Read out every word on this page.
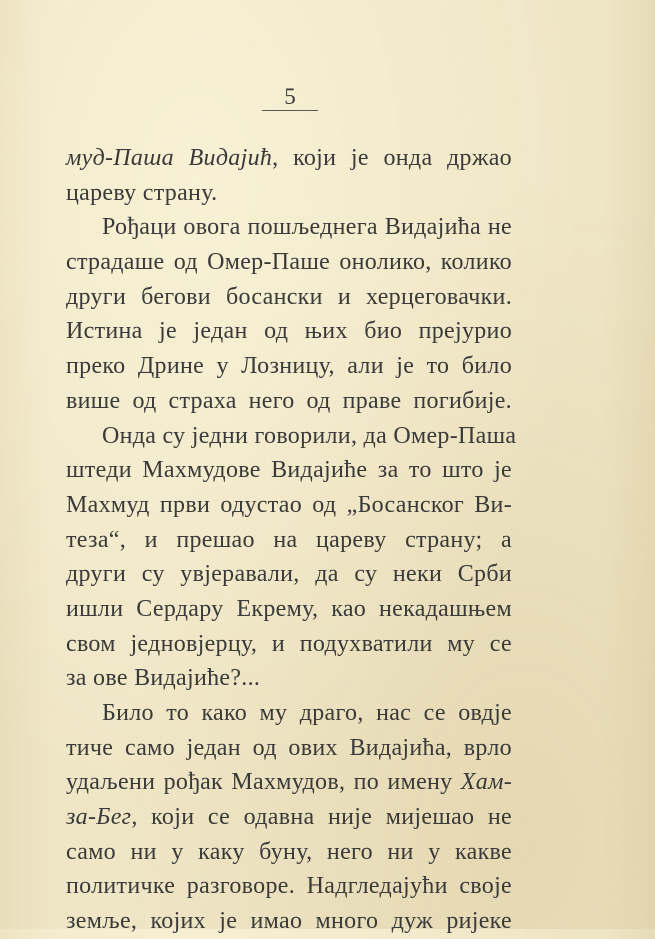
5
мyд-Паша Видајић, који је онда држао
цареву страну.
Рођаци овога пошљеднега Видајића не
страдаше од Омер-Паше онолико, колико
други бегови босански и херцеговачки.
Истина је један од њих био прејурио
преко Дрине у Лозницу, али је то било
више од страха него од праве погибије.
Онда су једни говорили, да Омер-Паша
штеди Махмудове Видајиће за то што је
Махмуд први одустао од „Босанског Ви-
теза“, и прешао на цареву страну; а
други су увјеравали, да су неки Срби
ишли Сердару Екрему, као некадашњем
свом једновјерцу, и подухватили му се
за ове Видајиће?...
Било то како му драго, нас се овдје
тиче само један од ових Видајића, врло
удаљени рођак Махмудов, по имену Хам-
за-Бег, који се одавна није мијешао не
само ни у каку буну, него ни у какве
политичке разговоре. Надгледајући своје
земље, којих је имао много дуж ријеке
